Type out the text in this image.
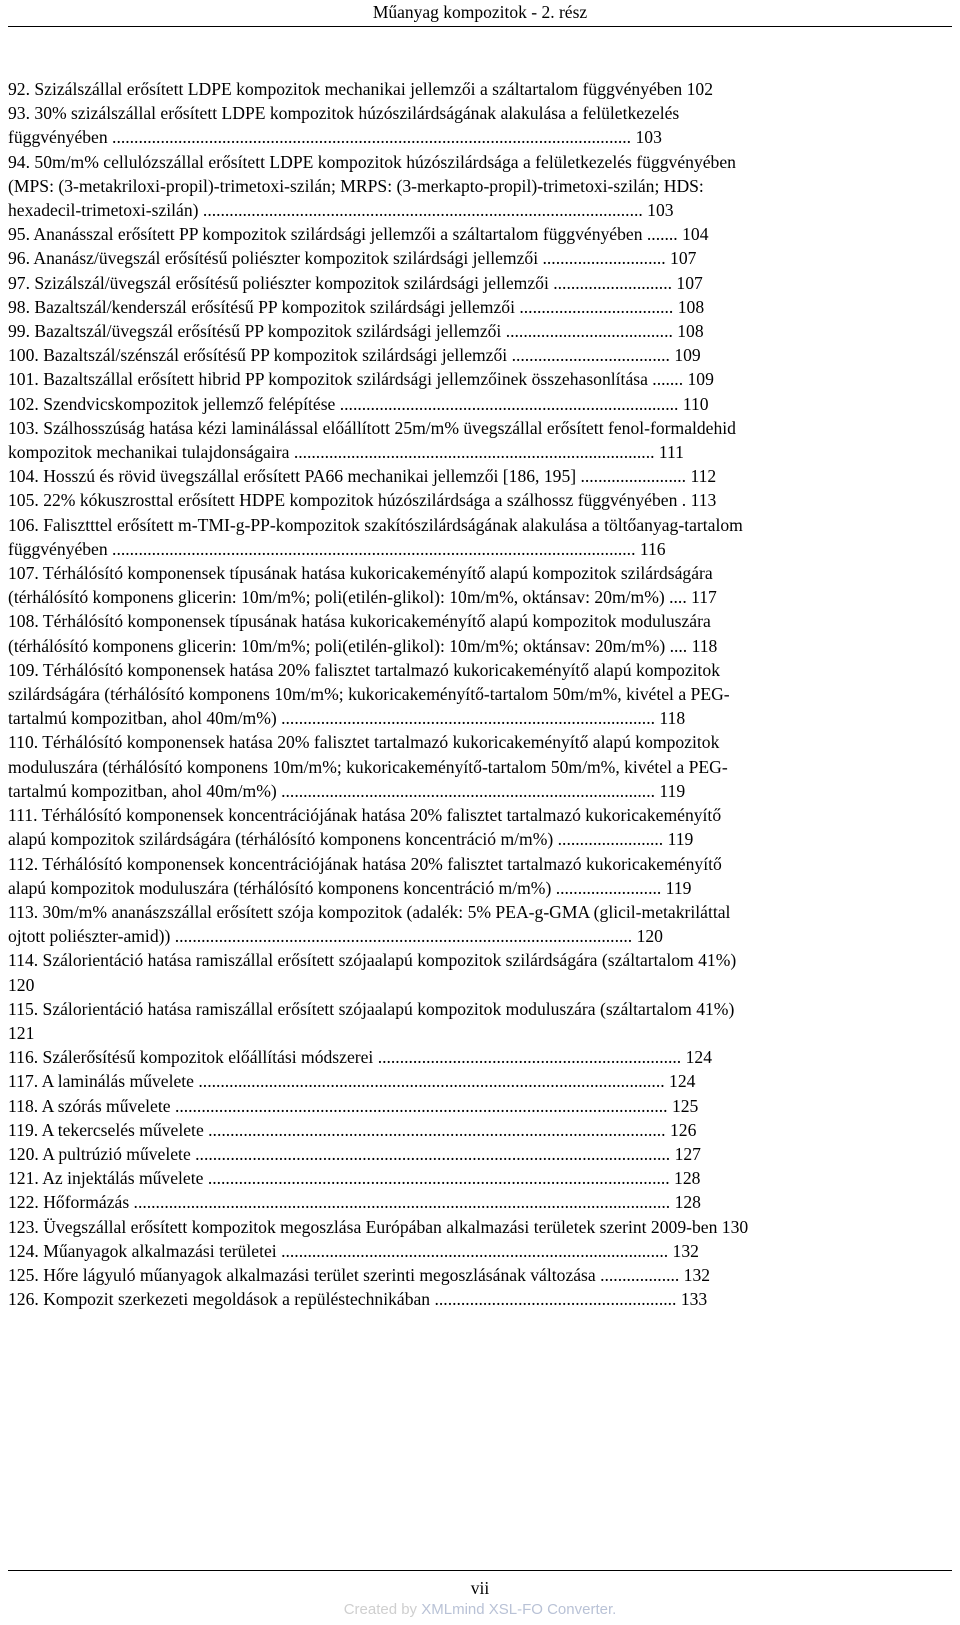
Műanyag kompozitok - 2. rész

92. Szizálszállal erősített LDPE kompozitok mechanikai jellemzői a száltartalom függvényében 102

93. 30% szizálszállal erősített LDPE kompozitok húzószilárdságának alakulása a felületkezelés

függvényében ...................................................................................................................... 103

94. 50m/m% cellulózszállal erősített LDPE kompozitok húzószilárdsága a felületkezelés függvényében

(MPS: (3-metakriloxi-propil)-trimetoxi-szilán; MRPS: (3-merkapto-propil)-trimetoxi-szilán; HDS:

hexadecil-trimetoxi-szilán) .................................................................................................... 103

95. Ananásszal erősített PP kompozitok szilárdsági jellemzői a száltartalom függvényében ....... 104

96. Ananász/üvegszál erősítésű poliészter kompozitok szilárdsági jellemzői ............................ 107

97. Szizálszál/üvegszál erősítésű poliészter kompozitok szilárdsági jellemzői ........................... 107

98. Bazaltszál/kenderszál erősítésű PP kompozitok szilárdsági jellemzői ................................... 108

99. Bazaltszál/üvegszál erősítésű PP kompozitok szilárdsági jellemzői ...................................... 108

100. Bazaltszál/szénszál erősítésű PP kompozitok szilárdsági jellemzői .................................... 109

101. Bazaltszállal erősített hibrid PP kompozitok szilárdsági jellemzőinek összehasonlítása ....... 109

102. Szendvicskompozitok jellemző felépítése ............................................................................. 110

103. Szálhosszúság hatása kézi laminálással előállított 25m/m% üvegszállal erősített fenol-formaldehid

kompozitok mechanikai tulajdonságaira .................................................................................. 111

104. Hosszú és rövid üvegszállal erősített PA66 mechanikai jellemzői [186, 195] ........................ 112

105. 22% kókuszrosttal erősített HDPE kompozitok húzószilárdsága a szálhossz függvényében . 113

106. Falisztttel erősített m-TMI-g-PP-kompozitok szakítószilárdságának alakulása a töltőanyag-tartalom

függvényében ....................................................................................................................... 116

107. Térhálósító komponensek típusának hatása kukoricakeményítő alapú kompozitok szilárdságára

(térhálósító komponens glicerin: 10m/m%; poli(etilén-glikol): 10m/m%, oktánsav: 20m/m%) .... 117

108. Térhálósító komponensek típusának hatása kukoricakeményítő alapú kompozitok moduluszára

(térhálósító komponens glicerin: 10m/m%; poli(etilén-glikol): 10m/m%; oktánsav: 20m/m%) .... 118

109. Térhálósító komponensek hatása 20% falisztet tartalmazó kukoricakeményítő alapú kompozitok

szilárdságára (térhálósító komponens 10m/m%; kukoricakeményítő-tartalom 50m/m%, kivétel a PEG-

tartalmú kompozitban, ahol 40m/m%) ..................................................................................... 118

110. Térhálósító komponensek hatása 20% falisztet tartalmazó kukoricakeményítő alapú kompozitok

moduluszára (térhálósító komponens 10m/m%; kukoricakeményítő-tartalom 50m/m%, kivétel a PEG-

tartalmú kompozitban, ahol 40m/m%) ..................................................................................... 119

111. Térhálósító komponensek koncentrációjának hatása 20% falisztet tartalmazó kukoricakeményítő

alapú kompozitok szilárdságára (térhálósító komponens koncentráció m/m%) ........................ 119

112. Térhálósító komponensek koncentrációjának hatása 20% falisztet tartalmazó kukoricakeményítő

alapú kompozitok moduluszára (térhálósító komponens koncentráció m/m%) ........................ 119

113. 30m/m% ananászszállal erősített szója kompozitok (adalék: 5% PEA-g-GMA (glicil-metakriláttal

ojtott poliészter-amid)) ........................................................................................................ 120

114. Szálorientáció hatása ramiszállal erősített szójaalapú kompozitok szilárdságára (száltartalom 41%)

120

115. Szálorientáció hatása ramiszállal erősített szójaalapú kompozitok moduluszára (száltartalom 41%)

121

116. Szálerősítésű kompozitok előállítási módszerei ..................................................................... 124

117. A laminálás művelete .......................................................................................................... 124

118. A szórás művelete ................................................................................................................ 125

119. A tekercselés művelete ........................................................................................................ 126

120. A pultrúzió művelete ............................................................................................................ 127

121. Az injektálás művelete ......................................................................................................... 128

122. Hőformázás .......................................................................................................................... 128

123. Üvegszállal erősített kompozitok megoszlása Európában alkalmazási területek szerint 2009-ben 130

124. Műanyagok alkalmazási területei ........................................................................................ 132

125. Hőre lágyuló műanyagok alkalmazási terület szerinti megoszlásának változása .................. 132

126. Kompozit szerkezeti megoldások a repüléstechnikában ....................................................... 133

vii
Created by XMLmind XSL-FO Converter.
